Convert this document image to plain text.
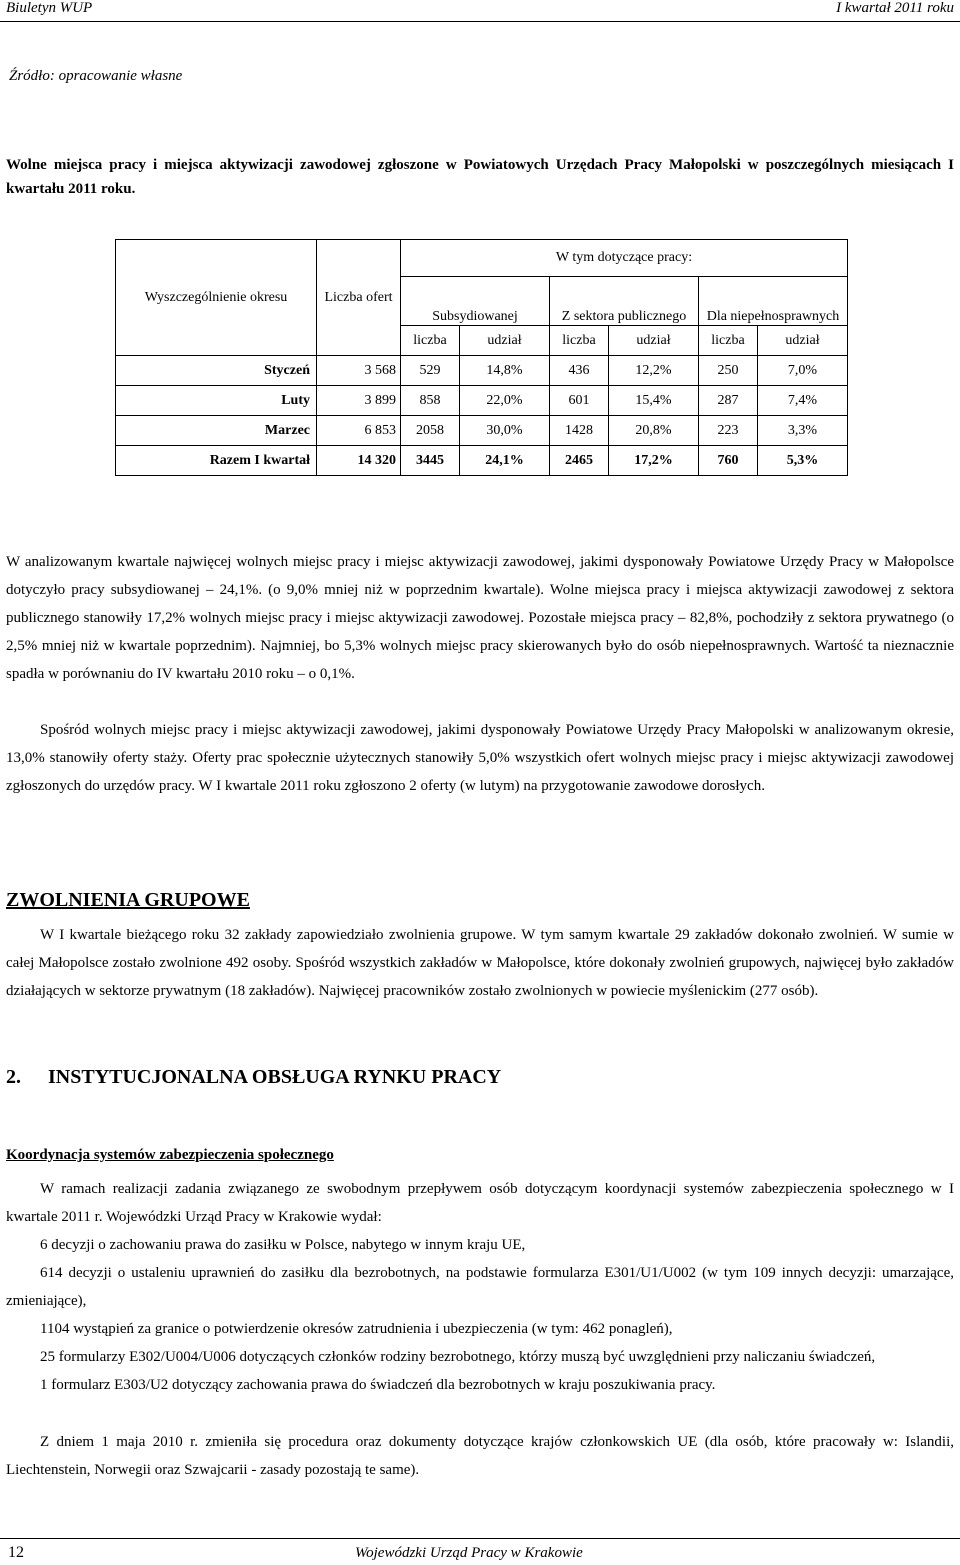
Biuletyn WUP	I kwartał 2011 roku
Źródło: opracowanie własne
Wolne miejsca pracy i miejsca aktywizacji zawodowej zgłoszone w Powiatowych Urzędach Pracy Małopolski w poszczególnych miesiącach I kwartału 2011 roku.
Wyszczególnienie okresu	Liczba ofert	W tym dotyczące pracy:					
		Subsydiowanej		Z sektora publicznego		Dla niepełnosprawnych	
		liczba	udział	liczba	udział	liczba	udział
Styczeń	3 568	529	14,8%	436	12,2%	250	7,0%
Luty	3 899	858	22,0%	601	15,4%	287	7,4%
Marzec	6 853	2058	30,0%	1428	20,8%	223	3,3%
Razem I kwartał	14 320	3445	24,1%	2465	17,2%	760	5,3%

W analizowanym kwartale najwięcej wolnych miejsc pracy i miejsc aktywizacji zawodowej, jakimi dysponowały Powiatowe Urzędy Pracy w Małopolsce dotyczyło pracy subsydiowanej – 24,1%. (o 9,0% mniej niż w poprzednim kwartale). Wolne miejsca pracy i miejsca aktywizacji zawodowej z sektora publicznego stanowiły 17,2% wolnych miejsc pracy i miejsc aktywizacji zawodowej. Pozostałe miejsca pracy – 82,8%, pochodziły z sektora prywatnego (o 2,5% mniej niż w kwartale poprzednim). Najmniej, bo 5,3% wolnych miejsc pracy skierowanych było do osób niepełnosprawnych. Wartość ta nieznacznie spadła w porównaniu do IV kwartału 2010 roku – o 0,1%.

Spośród wolnych miejsc pracy i miejsc aktywizacji zawodowej, jakimi dysponowały Powiatowe Urzędy Pracy Małopolski w analizowanym okresie, 13,0% stanowiły oferty staży. Oferty prac społecznie użytecznych stanowiły 5,0% wszystkich ofert wolnych miejsc pracy i miejsc aktywizacji zawodowej zgłoszonych do urzędów pracy. W I kwartale 2011 roku zgłoszono 2 oferty (w lutym) na przygotowanie zawodowe dorosłych.

ZWOLNIENIA GRUPOWE

W I kwartale bieżącego roku 32 zakłady zapowiedziało zwolnienia grupowe. W tym samym kwartale 29 zakładów dokonało zwolnień. W sumie w całej Małopolsce zostało zwolnione 492 osoby. Spośród wszystkich zakładów w Małopolsce, które dokonały zwolnień grupowych, najwięcej było zakładów działających w sektorze prywatnym (18 zakładów). Najwięcej pracowników zostało zwolnionych w powiecie myślenickim (277 osób).

2. INSTYTUCJONALNA OBSŁUGA RYNKU PRACY
Koordynacja systemów zabezpieczenia społecznego

W ramach realizacji zadania związanego ze swobodnym przepływem osób dotyczącym koordynacji systemów zabezpieczenia społecznego w I kwartale 2011 r. Wojewódzki Urząd Pracy w Krakowie wydał:

6 decyzji o zachowaniu prawa do zasiłku w Polsce, nabytego w innym kraju UE,

614 decyzji o ustaleniu uprawnień do zasiłku dla bezrobotnych, na podstawie formularza E301/U1/U002 (w tym 109 innych decyzji: umarzające, zmieniające),

1104 wystąpień za granice o potwierdzenie okresów zatrudnienia i ubezpieczenia (w tym: 462 ponagleń),

25 formularzy E302/U004/U006 dotyczących członków rodziny bezrobotnego, którzy muszą być uwzględnieni przy naliczaniu świadczeń,

1 formularz E303/U2 dotyczący zachowania prawa do świadczeń dla bezrobotnych w kraju poszukiwania pracy.

Z dniem 1 maja 2010 r. zmieniła się procedura oraz dokumenty dotyczące krajów członkowskich UE (dla osób, które pracowały w: Islandii, Liechtenstein, Norwegii oraz Szwajcarii - zasady pozostają te same).

12	Wojewódzki Urząd Pracy w Krakowie
